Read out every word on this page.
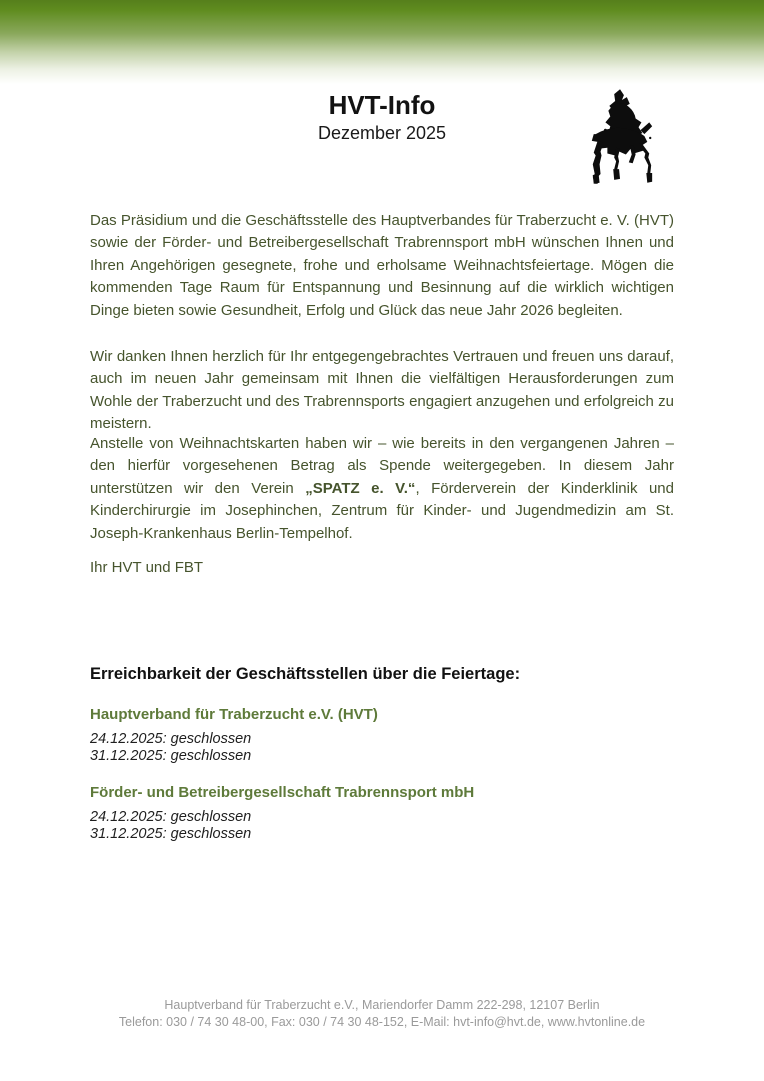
HVT-Info
Dezember 2025

Das Präsidium und die Geschäftsstelle des Hauptverbandes für Traberzucht e. V. (HVT) sowie der Förder- und Betreibergesellschaft Trabrennsport mbH wünschen Ihnen und Ihren Angehörigen gesegnete, frohe und erholsame Weihnachtsfeiertage. Mögen die kommenden Tage Raum für Entspannung und Besinnung auf die wirklich wichtigen Dinge bieten sowie Gesundheit, Erfolg und Glück das neue Jahr 2026 begleiten.

Wir danken Ihnen herzlich für Ihr entgegengebrachtes Vertrauen und freuen uns darauf, auch im neuen Jahr gemeinsam mit Ihnen die vielfältigen Herausforderungen zum Wohle der Traberzucht und des Trabrennsports engagiert anzugehen und erfolgreich zu meistern.

Anstelle von Weihnachtskarten haben wir – wie bereits in den vergangenen Jahren – den hierfür vorgesehenen Betrag als Spende weitergegeben. In diesem Jahr unterstützen wir den Verein „SPATZ e. V.“, Förderverein der Kinderklinik und Kinderchirurgie im Josephinchen, Zentrum für Kinder- und Jugendmedizin am St. Joseph-Krankenhaus Berlin-Tempelhof.

Ihr HVT und FBT

Erreichbarkeit der Geschäftsstellen über die Feiertage:

Hauptverband für Traberzucht e.V. (HVT)

24.12.2025: geschlossen

31.12.2025: geschlossen

Förder- und Betreibergesellschaft Trabrennsport mbH

24.12.2025: geschlossen

31.12.2025: geschlossen

Hauptverband für Traberzucht e.V., Mariendorfer Damm 222-298, 12107 Berlin
Telefon: 030 / 74 30 48-00, Fax: 030 / 74 30 48-152, E-Mail: hvt-info@hvt.de, www.hvtonline.de
